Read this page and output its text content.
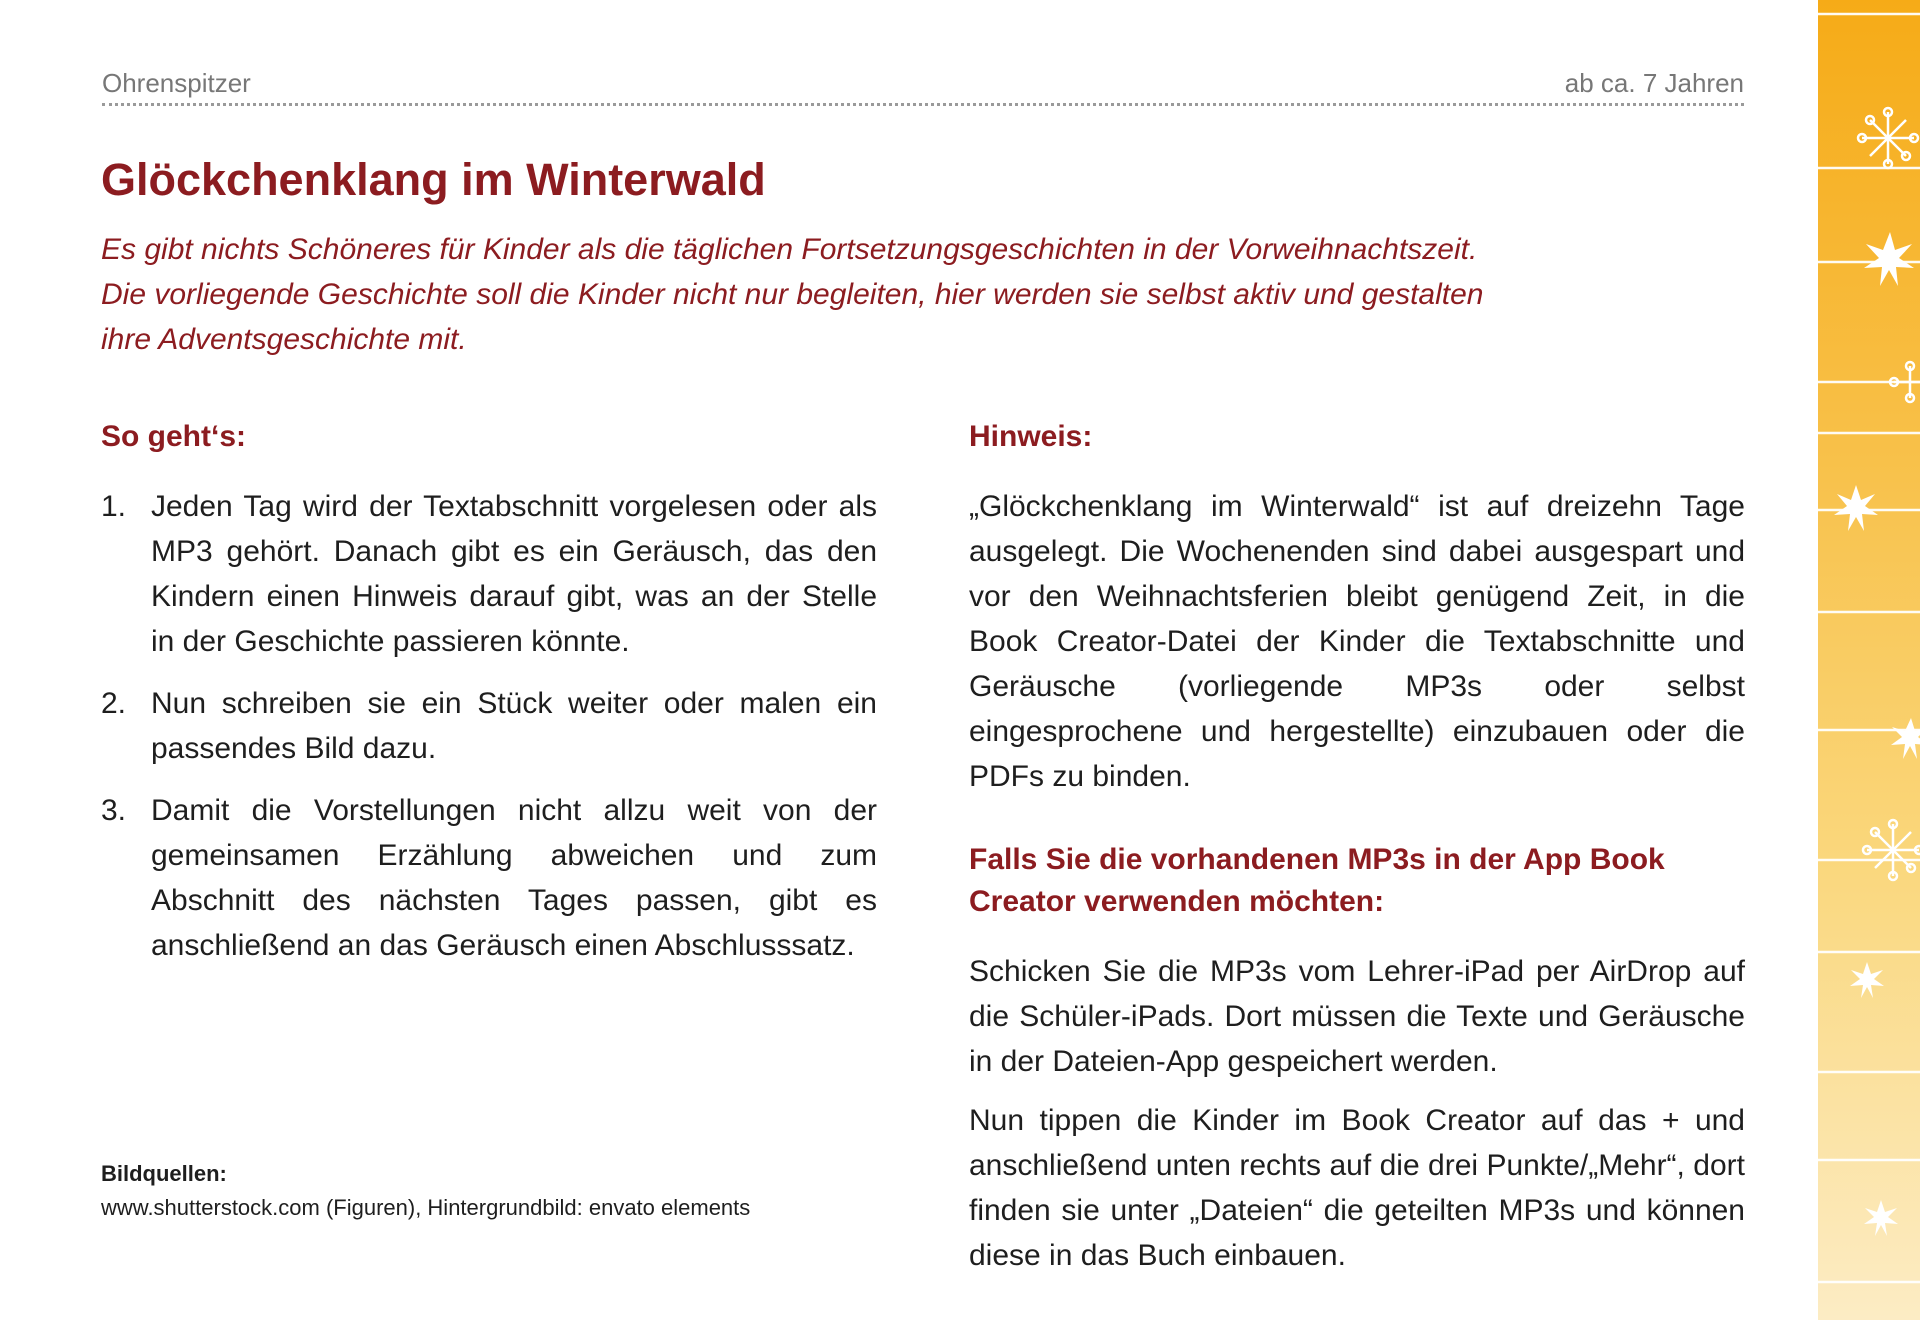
Ohrenspitzer	ab ca. 7 Jahren
Glöckchenklang im Winterwald

Es gibt nichts Schöneres für Kinder als die täglichen Fortsetzungsgeschichten in der Vorweihnachtszeit. Die vorliegende Geschichte soll die Kinder nicht nur begleiten, hier werden sie selbst aktiv und gestalten ihre Adventsgeschichte mit.

So geht‘s:
1. Jeden Tag wird der Textabschnitt vorgelesen oder als MP3 gehört. Danach gibt es ein Geräusch, das den Kindern einen Hinweis darauf gibt, was an der Stelle in der Geschichte passieren könnte.
2. Nun schreiben sie ein Stück weiter oder malen ein passendes Bild dazu.
3. Damit die Vorstellungen nicht allzu weit von der gemeinsamen Erzählung abweichen und zum Abschnitt des nächsten Tages passen, gibt es anschließend an das Geräusch einen Abschlusssatz.
Bildquellen:
www.shutterstock.com (Figuren), Hintergrundbild: envato elements
Hinweis:

„Glöckchenklang im Winterwald“ ist auf dreizehn Tage ausgelegt. Die Wochenenden sind dabei ausgespart und vor den Weihnachtsferien bleibt genügend Zeit, in die Book Creator-Datei der Kinder die Textabschnitte und Geräusche (vorliegende MP3s oder selbst eingesprochene und hergestellte) einzubauen oder die PDFs zu binden.

Falls Sie die vorhandenen MP3s in der App Book Creator verwenden möchten:

Schicken Sie die MP3s vom Lehrer-iPad per AirDrop auf die Schüler-iPads. Dort müssen die Texte und Geräusche in der Dateien-App gespeichert werden.

Nun tippen die Kinder im Book Creator auf das + und anschließend unten rechts auf die drei Punkte/„Mehr“, dort finden sie unter „Dateien“ die geteilten MP3s und können diese in das Buch einbauen.
